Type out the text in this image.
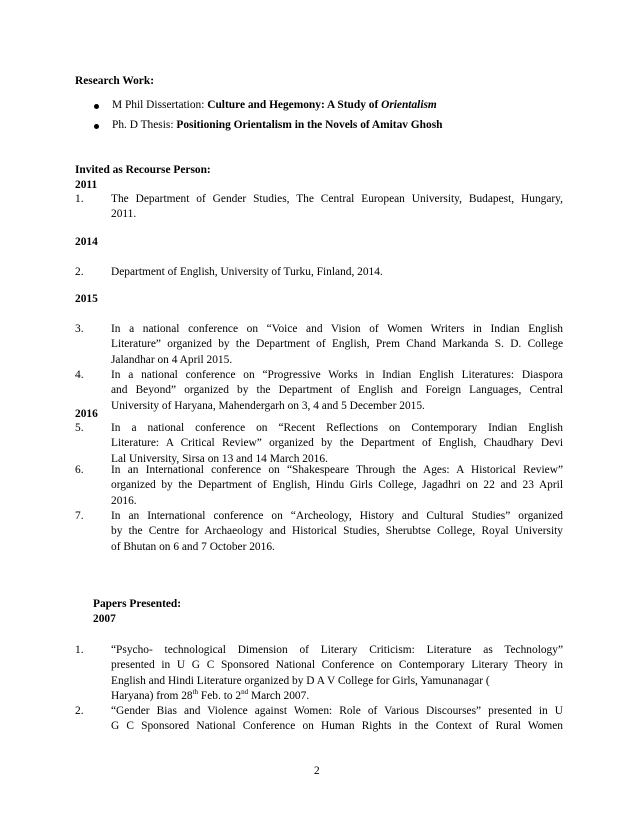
Research Work:
M Phil Dissertation: Culture and Hegemony: A Study of Orientalism
Ph. D Thesis: Positioning Orientalism in the Novels of Amitav Ghosh
Invited as Recourse Person:
2011
1. The Department of Gender Studies, The Central European University, Budapest, Hungary,
2011.
2014
2. Department of English, University of Turku, Finland, 2014.
2015
3. In a national conference on “Voice and Vision of Women Writers in Indian English
Literature” organized by the Department of English, Prem Chand Markanda S. D. College
Jalandhar on 4 April 2015.
4. In a national conference on “Progressive Works in Indian English Literatures: Diaspora
and Beyond” organized by the Department of English and Foreign Languages, Central
University of Haryana, Mahendergarh on 3, 4 and 5 December 2015.
2016
5. In a national conference on “Recent Reflections on Contemporary Indian English
Literature: A Critical Review” organized by the Department of English, Chaudhary Devi
Lal University, Sirsa on 13 and 14 March 2016.
6. In an International conference on “Shakespeare Through the Ages: A Historical Review”
organized by the Department of English, Hindu Girls College, Jagadhri on 22 and 23 April
2016.
7. In an International conference on “Archeology, History and Cultural Studies” organized
by the Centre for Archaeology and Historical Studies, Sherubtse College, Royal University
of Bhutan on 6 and 7 October 2016.
Papers Presented:
2007
1. “Psycho- technological Dimension of Literary Criticism: Literature as Technology”
presented in U G C Sponsored National Conference on Contemporary Literary Theory in
English and Hindi Literature organized by D A V College for Girls, Yamunanagar (
Haryana) from 28th Feb. to 2nd March 2007.
2. “Gender Bias and Violence against Women: Role of Various Discourses” presented in U
G C Sponsored National Conference on Human Rights in the Context of Rural Women
2
